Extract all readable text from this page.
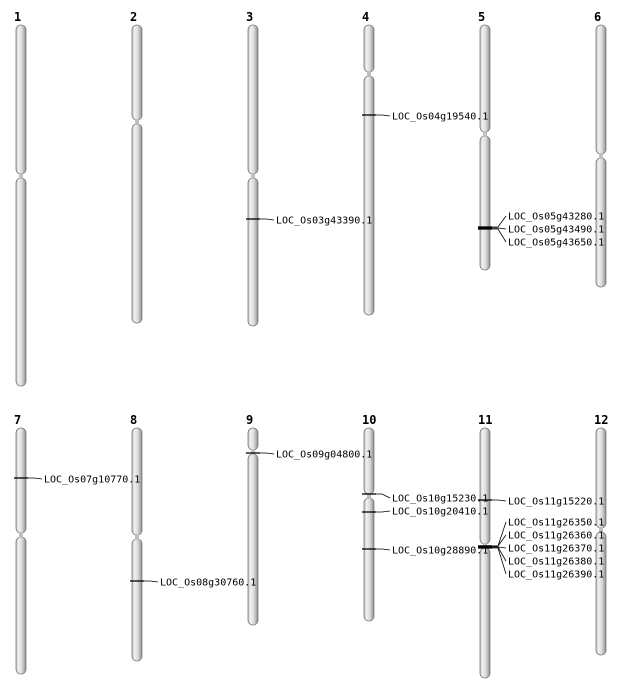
1	2	3	4	5	6
7	8	9	10	11	12
LOC_Os03g43390.1
LOC_Os04g19540.1
LOC_Os05g43280.1
LOC_Os05g43490.1
LOC_Os05g43650.1
LOC_Os07g10770.1
LOC_Os08g30760.1
LOC_Os09g04800.1
LOC_Os10g15230.1
LOC_Os10g20410.1
LOC_Os10g28890.1
LOC_Os11g15220.1
LOC_Os11g26350.1
LOC_Os11g26360.1
LOC_Os11g26370.1
LOC_Os11g26380.1
LOC_Os11g26390.1
